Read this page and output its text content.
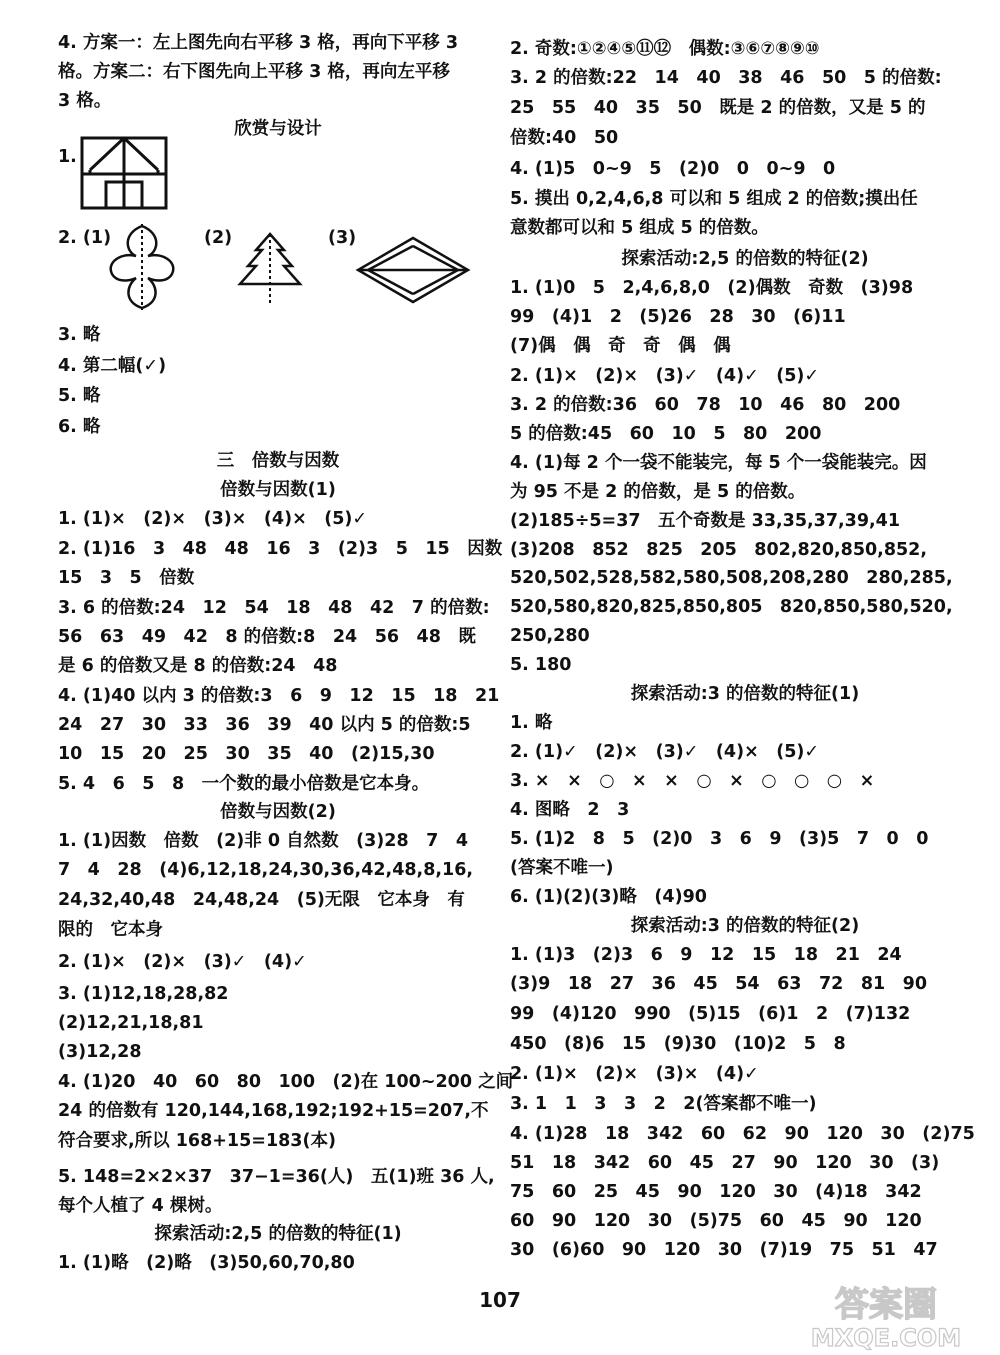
4. 方案一：左上图先向右平移 3 格，再向下平移 3
格。方案二：右下图先向上平移 3 格，再向左平移
3 格。
欣赏与设计
1.
2. (1)	(2)	(3)
3. 略
4. 第二幅(✓)
5. 略
6. 略
三　倍数与因数
倍数与因数(1)
1. (1)×　(2)×　(3)×　(4)×　(5)✓
2. (1)16　3　48　48　16　3　(2)3　5　15　因数
15　3　5　倍数
3. 6 的倍数:24　12　54　18　48　42　7 的倍数:
56　63　49　42　8 的倍数:8　24　56　48　既
是 6 的倍数又是 8 的倍数:24　48
4. (1)40 以内 3 的倍数:3　6　9　12　15　18　21
24　27　30　33　36　39　40 以内 5 的倍数:5
10　15　20　25　30　35　40　(2)15,30
5. 4　6　5　8　一个数的最小倍数是它本身。
倍数与因数(2)
1. (1)因数　倍数　(2)非 0 自然数　(3)28　7　4
7　4　28　(4)6,12,18,24,30,36,42,48,8,16,
24,32,40,48　24,48,24　(5)无限　它本身　有
限的　它本身
2. (1)×　(2)×　(3)✓　(4)✓
3. (1)12,18,28,82
(2)12,21,18,81
(3)12,28
4. (1)20　40　60　80　100　(2)在 100~200 之间
24 的倍数有 120,144,168,192;192+15=207,不
符合要求,所以 168+15=183(本)
5. 148=2×2×37　37−1=36(人)　五(1)班 36 人,
每个人植了 4 棵树。
探索活动:2,5 的倍数的特征(1)
1. (1)略　(2)略　(3)50,60,70,80
2. 奇数:①②④⑤⑪⑫　偶数:③⑥⑦⑧⑨⑩
3. 2 的倍数:22　14　40　38　46　50　5 的倍数:
25　55　40　35　50　既是 2 的倍数，又是 5 的
倍数:40　50
4. (1)5　0~9　5　(2)0　0　0~9　0
5. 摸出 0,2,4,6,8 可以和 5 组成 2 的倍数;摸出任
意数都可以和 5 组成 5 的倍数。
探索活动:2,5 的倍数的特征(2)
1. (1)0　5　2,4,6,8,0　(2)偶数　奇数　(3)98
99　(4)1　2　(5)26　28　30　(6)11
(7)偶　偶　奇　奇　偶　偶
2. (1)×　(2)×　(3)✓　(4)✓　(5)✓
3. 2 的倍数:36　60　78　10　46　80　200
5 的倍数:45　60　10　5　80　200
4. (1)每 2 个一袋不能装完，每 5 个一袋能装完。因
为 95 不是 2 的倍数，是 5 的倍数。
(2)185÷5=37　五个奇数是 33,35,37,39,41
(3)208　852　825　205　802,820,850,852,
520,502,528,582,580,508,208,280　280,285,
520,580,820,825,850,805　820,850,580,520,
250,280
5. 180
探索活动:3 的倍数的特征(1)
1. 略
2. (1)✓　(2)×　(3)✓　(4)×　(5)✓
3. ×　×　○　×　×　○　×　○　○　○　×
4. 图略　2　3
5. (1)2　8　5　(2)0　3　6　9　(3)5　7　0　0
(答案不唯一)
6. (1)(2)(3)略　(4)90
探索活动:3 的倍数的特征(2)
1. (1)3　(2)3　6　9　12　15　18　21　24
(3)9　18　27　36　45　54　63　72　81　90
99　(4)120　990　(5)15　(6)1　2　(7)132
450　(8)6　15　(9)30　(10)2　5　8
2. (1)×　(2)×　(3)×　(4)✓
3. 1　1　3　3　2　2(答案都不唯一)
4. (1)28　18　342　60　62　90　120　30　(2)75
51　18　342　60　45　27　90　120　30　(3)
75　60　25　45　90　120　30　(4)18　342
60　90　120　30　(5)75　60　45　90　120
30　(6)60　90　120　30　(7)19　75　51　47
107	答案圈
MXQE.COM
